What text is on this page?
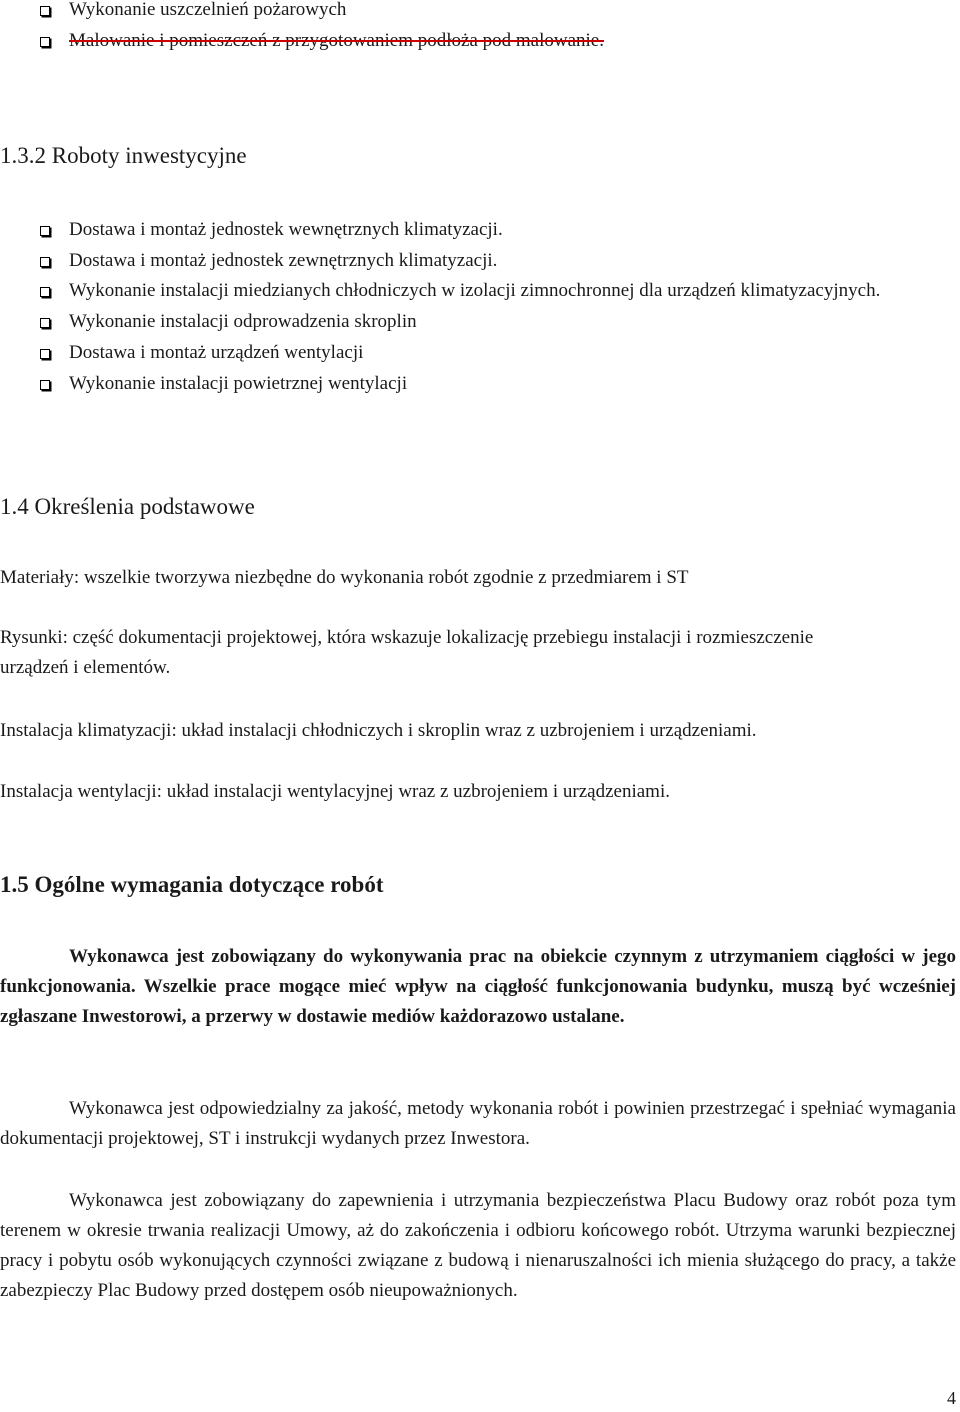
Wykonanie uszczelnień pożarowych
Malowanie i pomieszczeń z przygotowaniem podłoża pod malowanie.
1.3.2 Roboty inwestycyjne
Dostawa i montaż jednostek wewnętrznych klimatyzacji.
Dostawa i montaż jednostek zewnętrznych klimatyzacji.
Wykonanie instalacji miedzianych chłodniczych w izolacji zimnochronnej dla urządzeń klimatyzacyjnych.
Wykonanie instalacji odprowadzenia skroplin
Dostawa i montaż urządzeń wentylacji
Wykonanie instalacji powietrznej wentylacji
1.4 Określenia podstawowe

Materiały: wszelkie tworzywa niezbędne do wykonania robót zgodnie z przedmiarem i ST

Rysunki: część dokumentacji projektowej, która wskazuje lokalizację przebiegu instalacji i rozmieszczenie urządzeń i elementów.

Instalacja klimatyzacji: układ instalacji chłodniczych i skroplin wraz z uzbrojeniem i urządzeniami.

Instalacja wentylacji: układ instalacji wentylacyjnej wraz z uzbrojeniem i urządzeniami.

1.5 Ogólne wymagania dotyczące robót

Wykonawca jest zobowiązany do wykonywania prac na obiekcie czynnym z utrzymaniem ciągłości w jego funkcjonowania. Wszelkie prace mogące mieć wpływ na ciągłość funkcjonowania budynku, muszą być wcześniej zgłaszane Inwestorowi, a przerwy w dostawie mediów każdorazowo ustalane.

Wykonawca jest odpowiedzialny za jakość, metody wykonania robót i powinien przestrzegać i spełniać wymagania dokumentacji projektowej, ST i instrukcji wydanych przez Inwestora.

Wykonawca jest zobowiązany do zapewnienia i utrzymania bezpieczeństwa Placu Budowy oraz robót poza tym terenem w okresie trwania realizacji Umowy, aż do zakończenia i odbioru końcowego robót. Utrzyma warunki bezpiecznej pracy i pobytu osób wykonujących czynności związane z budową i nienaruszalności ich mienia służącego do pracy, a także zabezpieczy Plac Budowy przed dostępem osób nieupoważnionych.

4
